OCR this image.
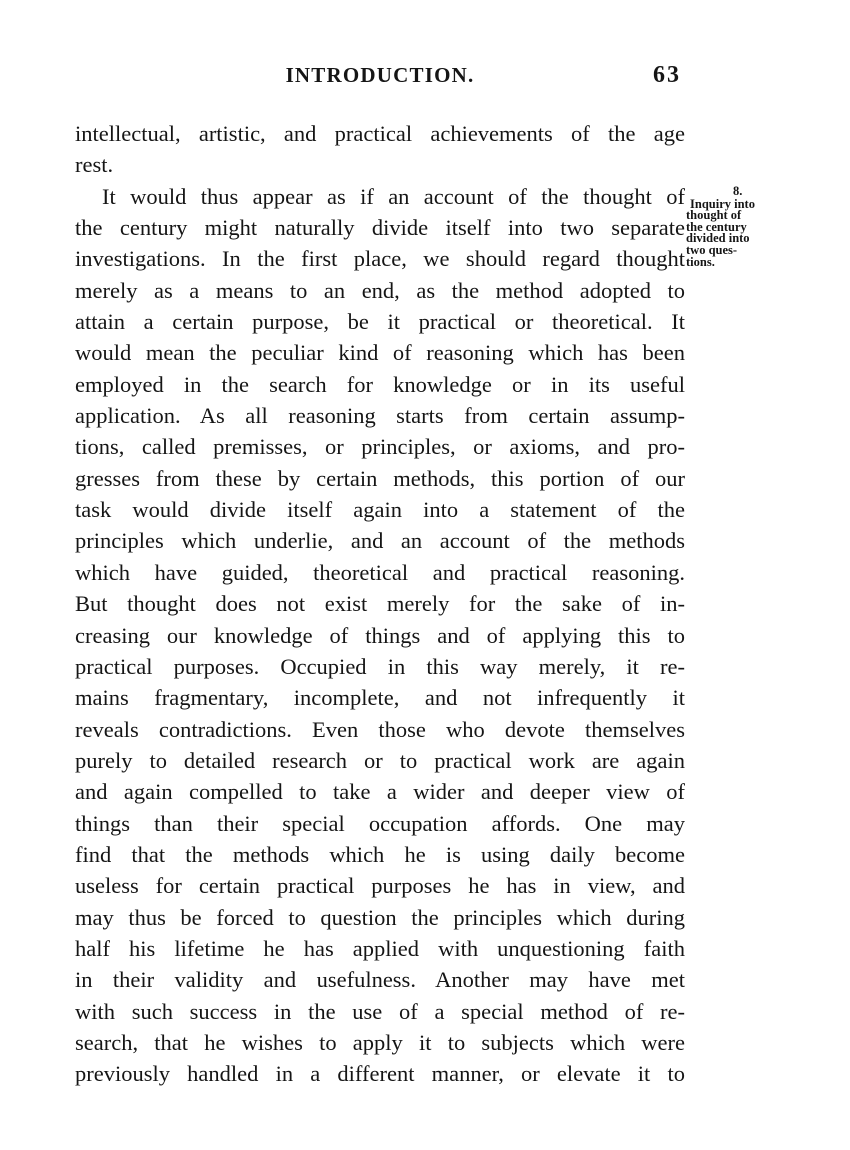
INTRODUCTION.	63
intellectual, artistic, and practical achievements of the age
rest.
It would thus appear as if an account of the thought of
the century might naturally divide itself into two separate
investigations. In the first place, we should regard thought
merely as a means to an end, as the method adopted to
attain a certain purpose, be it practical or theoretical. It
would mean the peculiar kind of reasoning which has been
employed in the search for knowledge or in its useful
application. As all reasoning starts from certain assump-
tions, called premisses, or principles, or axioms, and pro-
gresses from these by certain methods, this portion of our
task would divide itself again into a statement of the
principles which underlie, and an account of the methods
which have guided, theoretical and practical reasoning.
But thought does not exist merely for the sake of in-
creasing our knowledge of things and of applying this to
practical purposes. Occupied in this way merely, it re-
mains fragmentary, incomplete, and not infrequently it
reveals contradictions. Even those who devote themselves
purely to detailed research or to practical work are again
and again compelled to take a wider and deeper view of
things than their special occupation affords. One may
find that the methods which he is using daily become
useless for certain practical purposes he has in view, and
may thus be forced to question the principles which during
half his lifetime he has applied with unquestioning faith
in their validity and usefulness. Another may have met
with such success in the use of a special method of re-
search, that he wishes to apply it to subjects which were
previously handled in a different manner, or elevate it to
8.
Inquiry into
thought of
the century
divided into
two ques-
tions.
